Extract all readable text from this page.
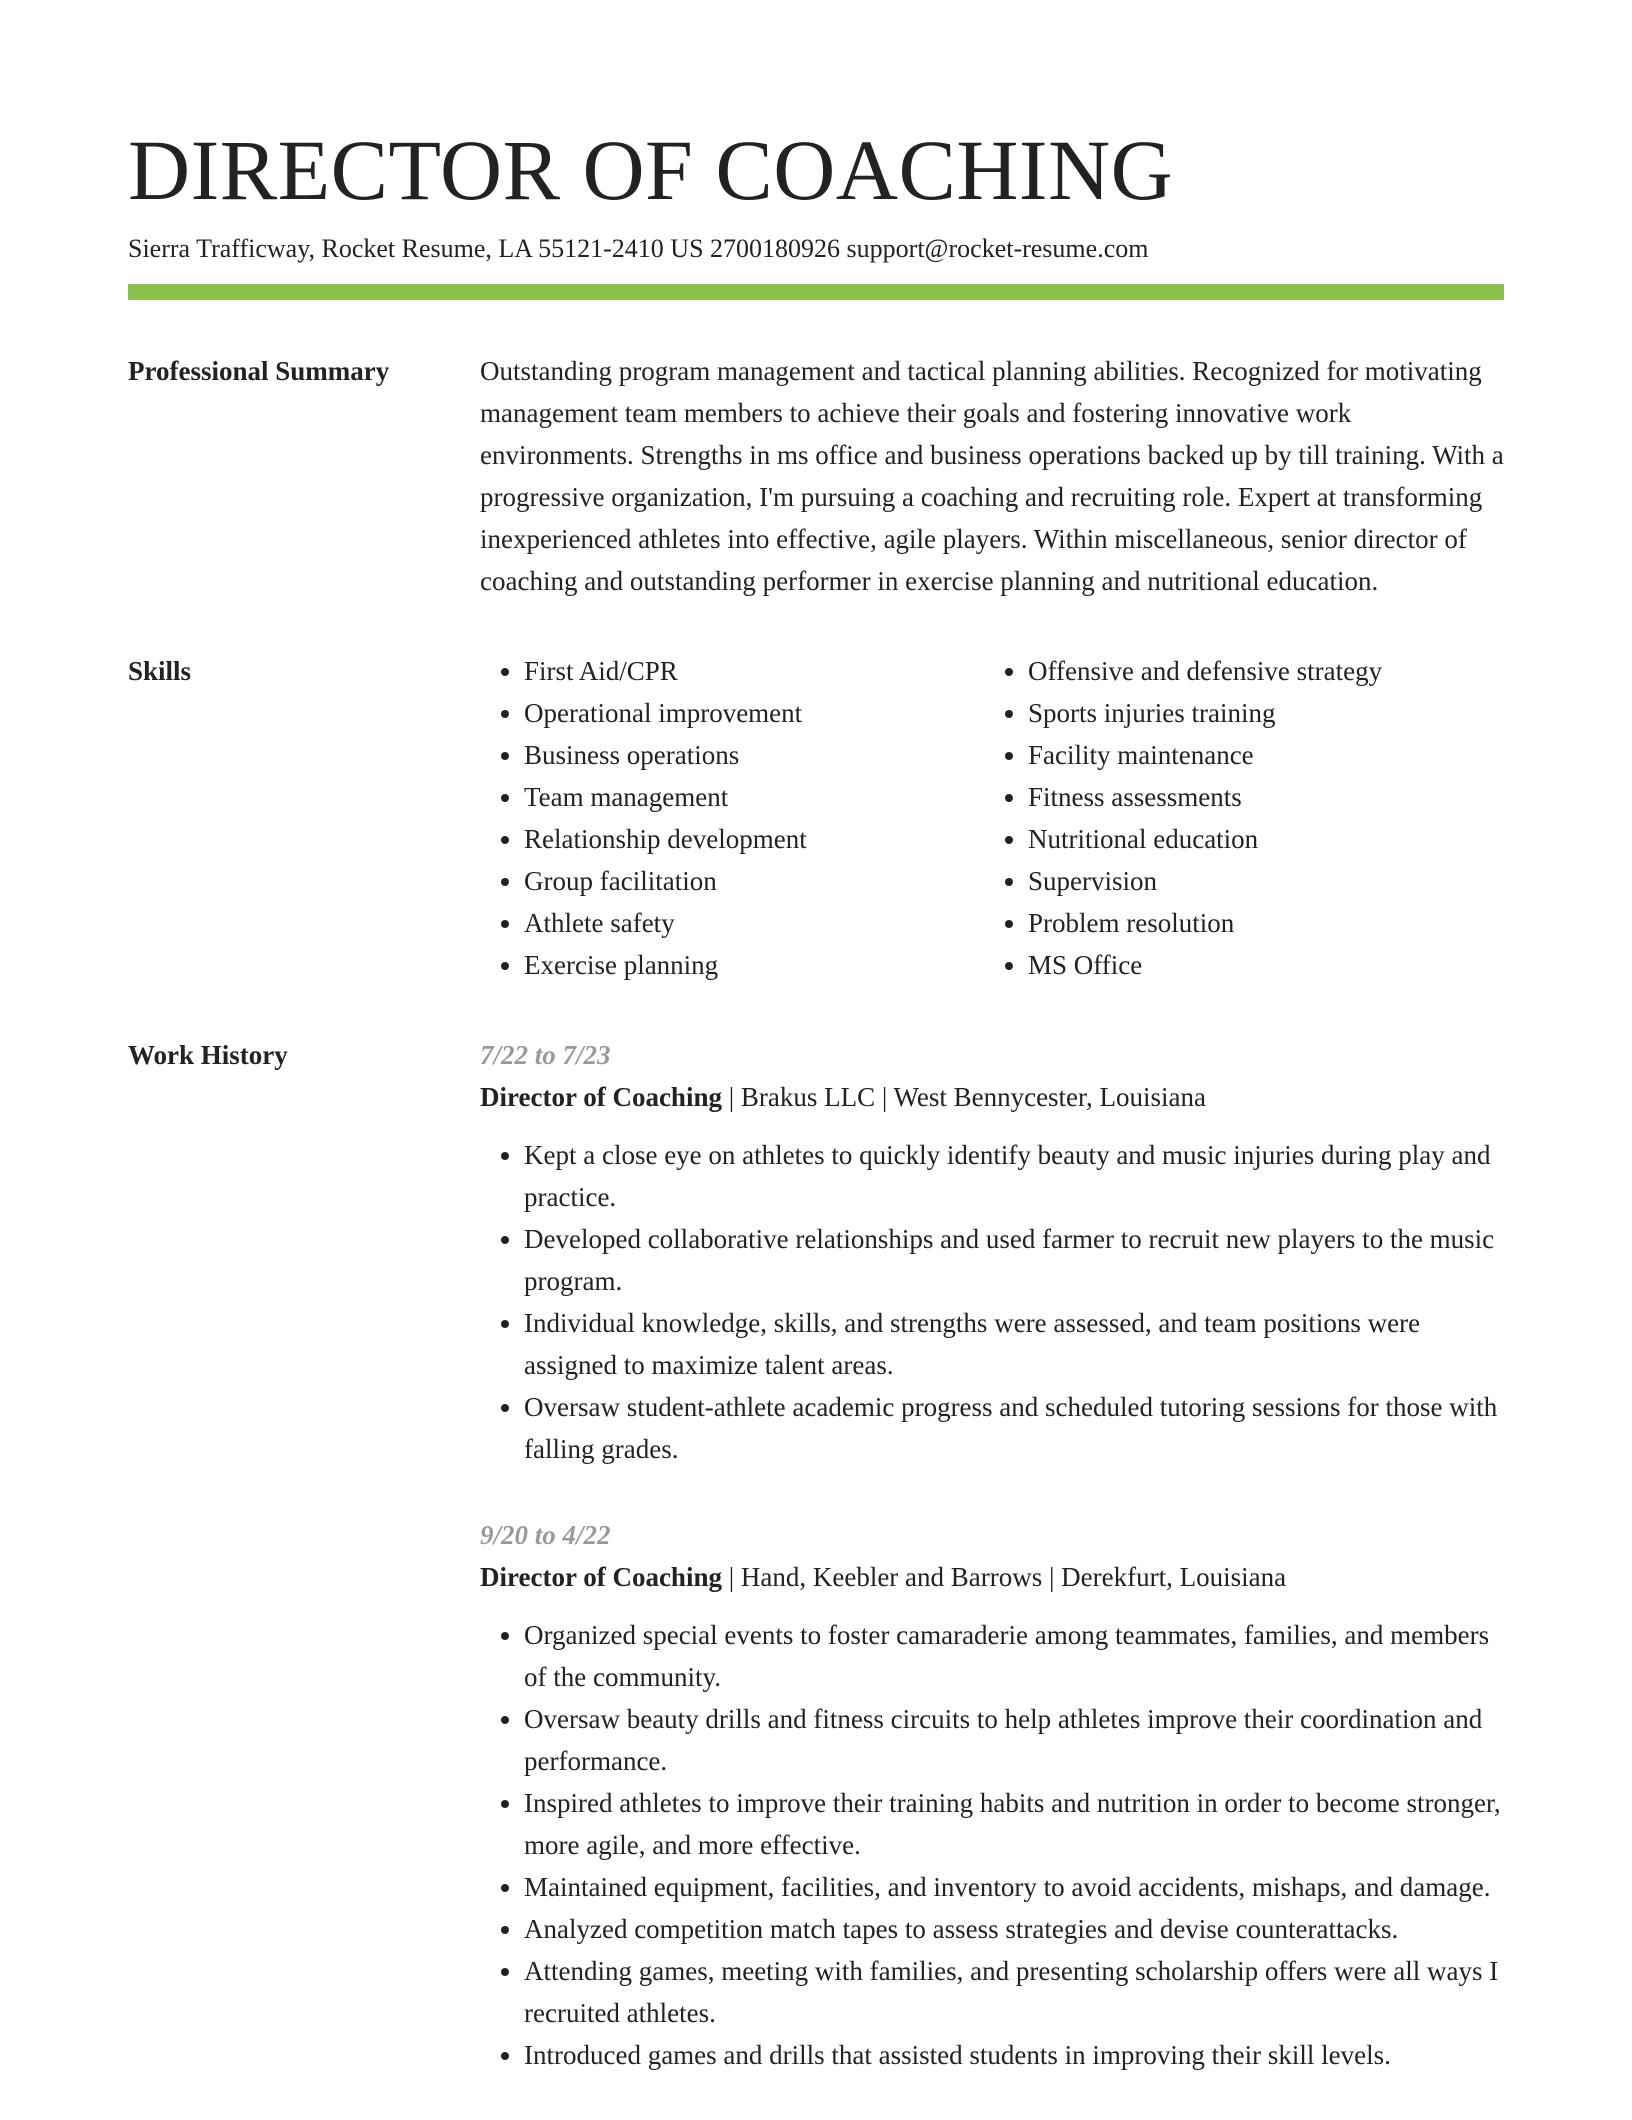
DIRECTOR OF COACHING
Sierra Trafficway, Rocket Resume, LA 55121-2410 US 2700180926 support@rocket-resume.com
Professional Summary	Outstanding program management and tactical planning abilities. Recognized for motivating management team members to achieve their goals and fostering innovative work environments. Strengths in ms office and business operations backed up by till training. With a progressive organization, I'm pursuing a coaching and recruiting role. Expert at transforming inexperienced athletes into effective, agile players. Within miscellaneous, senior director of coaching and outstanding performer in exercise planning and nutritional education.

Skills
•	First Aid/CPR
• Operational improvement
• Business operations
• Team management
• Relationship development
• Group facilitation
• Athlete safety
• Exercise planning
• Offensive and defensive strategy
• Sports injuries training
• Facility maintenance
• Fitness assessments
• Nutritional education
• Supervision
• Problem resolution
• MS Office
Work History	7/22 to 7/23
Director of Coaching | Brakus LLC | West Bennycester, Louisiana
• Kept a close eye on athletes to quickly identify beauty and music injuries during play and practice.
• Developed collaborative relationships and used farmer to recruit new players to the music program.
• Individual knowledge, skills, and strengths were assessed, and team positions were assigned to maximize talent areas.
• Oversaw student-athlete academic progress and scheduled tutoring sessions for those with falling grades.
9/20 to 4/22
Director of Coaching | Hand, Keebler and Barrows | Derekfurt, Louisiana
• Organized special events to foster camaraderie among teammates, families, and members of the community.
• Oversaw beauty drills and fitness circuits to help athletes improve their coordination and performance.
• Inspired athletes to improve their training habits and nutrition in order to become stronger, more agile, and more effective.
• Maintained equipment, facilities, and inventory to avoid accidents, mishaps, and damage.
• Analyzed competition match tapes to assess strategies and devise counterattacks.
• Attending games, meeting with families, and presenting scholarship offers were all ways I recruited athletes.
• Introduced games and drills that assisted students in improving their skill levels.
